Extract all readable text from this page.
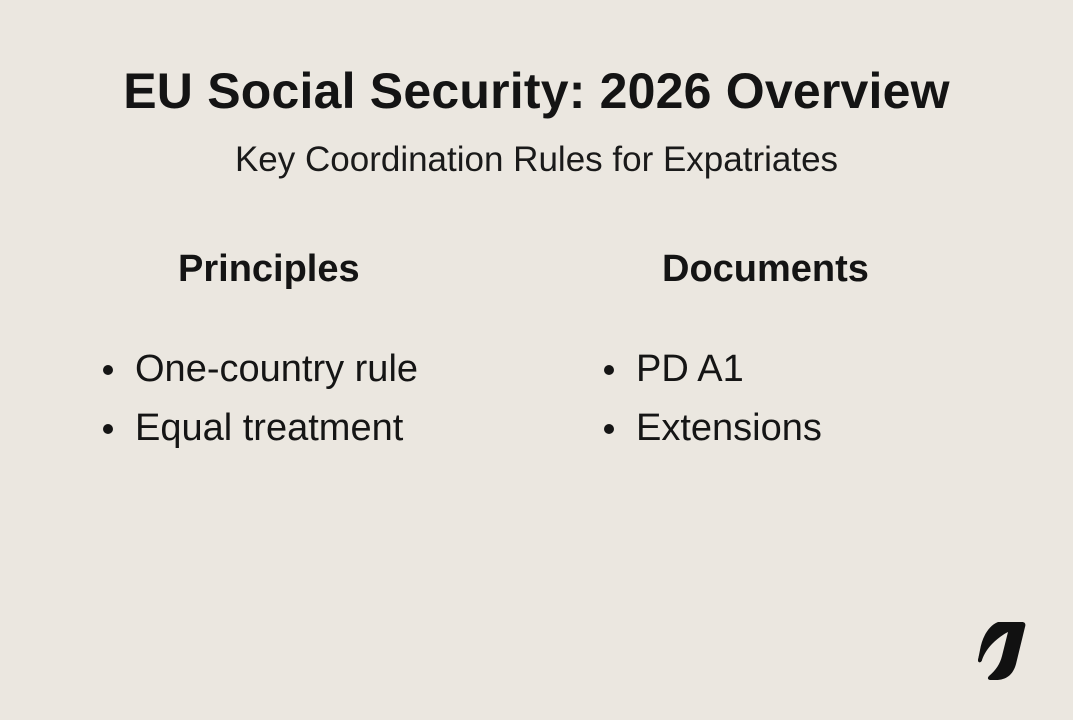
EU Social Security: 2026 Overview

Key Coordination Rules for Expatriates

Principles
One-country rule
Equal treatment
Documents
PD A1
Extensions
